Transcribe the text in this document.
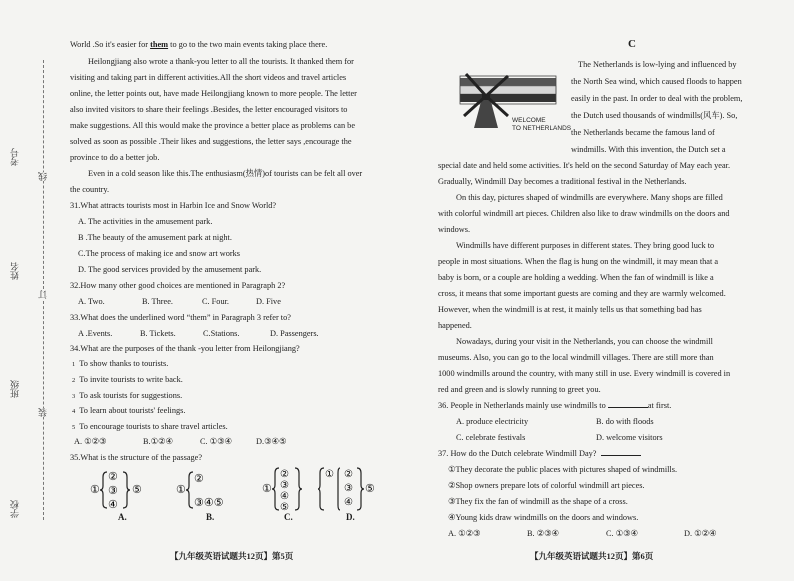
考号
姓名
班级
学校
线
订
装
World .So it's easier for them to go to the two main events taking place there.
Heilongjiang also wrote a thank-you letter to all the tourists. It thanked them for
visiting and taking part in different activities.All the short videos and travel articles
online, the letter points out, have made Heilongjiang known to more people. The letter
also invited visitors to share their feelings .Besides, the letter encouraged visitors to
make suggestions. All this would make the province a better place as problems can be
solved as soon as possible .Their likes and suggestions, the letter says ,encourage the
province to do a better job.
Even in a cold season like this.The enthusiasm(热情)of tourists can be felt all over
the country.
31.What attracts tourists most in Harbin Ice and Snow World?
A. The activities in the amusement park.
B .The beauty of the amusement park at night.
C.The process of making ice and snow art works
D. The good services provided by the amusement park.
32.How many other good choices are mentioned in Paragraph 2?
A. Two.	B. Three.	C. Four.	D. Five
33.What does the underlined word “them” in Paragraph 3 refer to?
A .Events.	B. Tickets.	C.Stations.	D. Passengers.
34.What are the purposes of the thank -you letter from Heilongjiang?
1 To show thanks to tourists.
2 To invite tourists to write back.
3 To ask tourists for suggestions.
4 To learn about tourists' feelings.
5 To encourage tourists to share travel articles.
A. ①②③	B.①②④	C. ①③④	D.③④⑤
35.What is the structure of the passage?
①
②
③
④
⑤
A.
①
②
③④⑤
B.
①
②
③
④
⑤
C.
① ②
③
④
⑤
D.
【九年级英语试题共12页】第5页
C
WELCOME
TO NETHERLANDS
The Netherlands is low-lying and influenced by
the North Sea wind, which caused floods to happen
easily in the past. In order to deal with the problem,
the Dutch used thousands of windmills(风车). So,
the Netherlands became the famous land of
windmills. With this invention, the Dutch set a
special date and held some activities. It's held on the second Saturday of May each year.
Gradually, Windmill Day becomes a traditional festival in the Netherlands.
On this day, pictures shaped of windmills are everywhere. Many shops are filled
with colorful windmill art pieces. Children also like to draw windmills on the doors and
windows.
Windmills have different purposes in different states. They bring good luck to
people in most situations. When the flag is hung on the windmill, it may mean that a
baby is born, or a couple are holding a wedding. When the fan of windmill is like a
cross, it means that some important guests are coming and they are warmly welcomed.
However, when the windmill is at rest, it mainly tells us that something bad has
happened.
Nowadays, during your visit in the Netherlands, you can choose the windmill
museums. Also, you can go to the local windmill villages. There are still more than
1000 windmills around the country, with many still in use. Every windmill is covered in
red and green and is slowly running to greet you.
36. People in Netherlands mainly use windmills to	at first.
A. produce electricity	B. do with floods
C. celebrate festivals	D. welcome visitors
37. How do the Dutch celebrate Windmill Day?
①They decorate the public places with pictures shaped of windmills.
②Shop owners prepare lots of colorful windmill art pieces.
③They fix the fan of windmill as the shape of a cross.
④Young kids draw windmills on the doors and windows.
A. ①②③	B. ②③④	C. ①③④	D. ①②④
【九年级英语试题共12页】第6页
